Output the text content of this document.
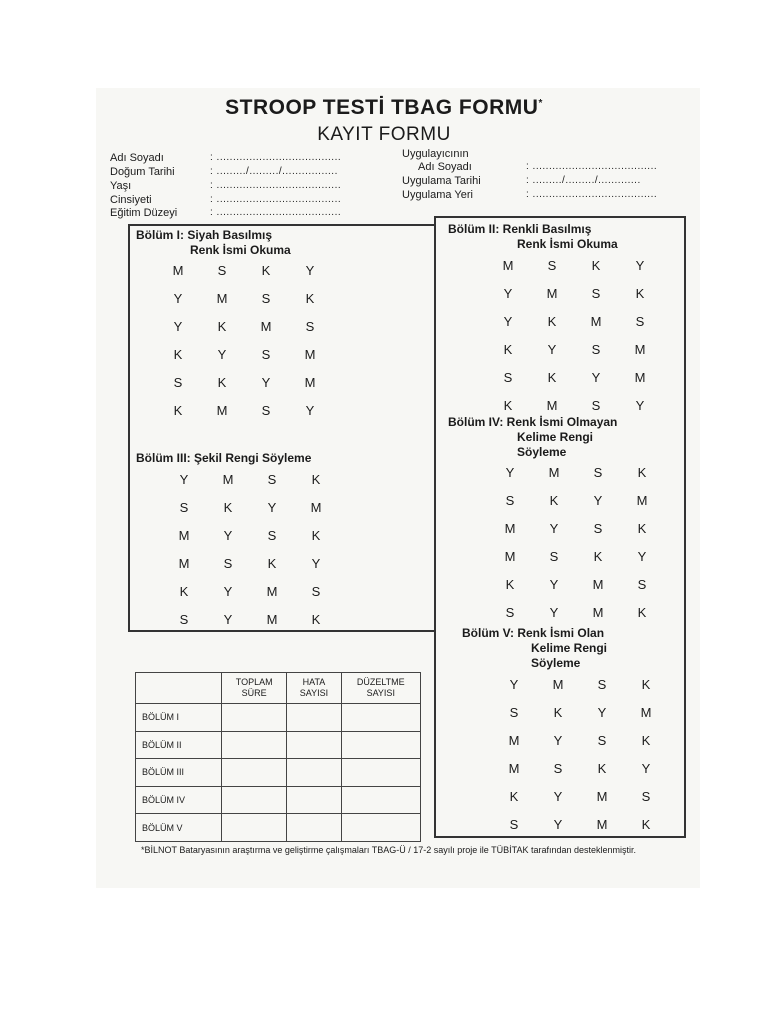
STROOP TESTİ TBAG FORMU*
KAYIT FORMU
Adı Soyadı	: ......................................
Doğum Tarihi	: ........./........./.................
Yaşı	: ......................................
Cinsiyeti	: ......................................
Eğitim Düzeyi	: ......................................
Uygulayıcının
Adı Soyadı	: ......................................
Uygulama Tarihi	: ........./........./.............
Uygulama Yeri	: ......................................
Bölüm I: Siyah Basılmış
Renk İsmi Okuma
M	S	K	Y
Y	M	S	K
Y	K	M	S
K	Y	S	M
S	K	Y	M
K	M	S	Y
Bölüm II: Renkli Basılmış
Renk İsmi Okuma
M	S	K	Y
Y	M	S	K
Y	K	M	S
K	Y	S	M
S	K	Y	M
K	M	S	Y
Bölüm III: Şekil Rengi Söyleme
Y	M	S	K
S	K	Y	M
M	Y	S	K
M	S	K	Y
K	Y	M	S
S	Y	M	K
Bölüm IV: Renk İsmi Olmayan
Kelime Rengi
Söyleme
Y	M	S	K
S	K	Y	M
M	Y	S	K
M	S	K	Y
K	Y	M	S
S	Y	M	K
Bölüm V: Renk İsmi Olan
Kelime Rengi
Söyleme
Y	M	S	K
S	K	Y	M
M	Y	S	K
M	S	K	Y
K	Y	M	S
S	Y	M	K
	TOPLAM SÜRE	HATA SAYISI	DÜZELTME SAYISI
BÖLÜM I			
BÖLÜM II			
BÖLÜM III			
BÖLÜM IV			
BÖLÜM V			
*BİLNOT Bataryasının araştırma ve geliştirme çalışmaları TBAG-Ü / 17-2 sayılı proje ile TÜBİTAK tarafından desteklenmiştir.
